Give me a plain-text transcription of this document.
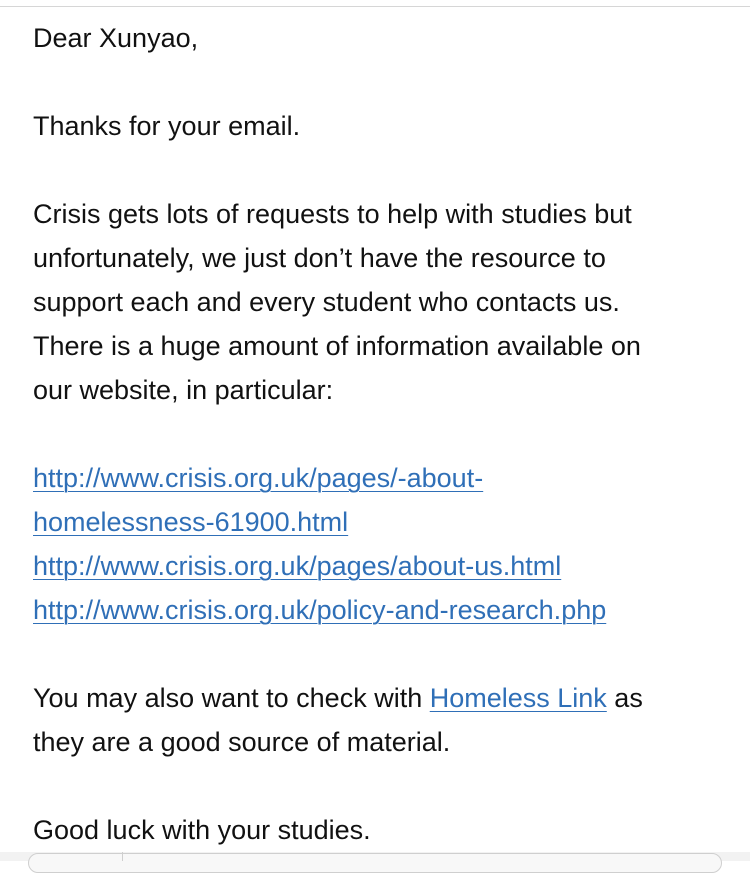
Dear Xunyao,

Thanks for your email.

Crisis gets lots of requests to help with studies but
unfortunately, we just don’t have the resource to
support each and every student who contacts us.
There is a huge amount of information available on
our website, in particular:

http://www.crisis.org.uk/pages/-about-
homelessness-61900.html
http://www.crisis.org.uk/pages/about-us.html
http://www.crisis.org.uk/policy-and-research.php

You may also want to check with Homeless Link as
they are a good source of material.

Good luck with your studies.
